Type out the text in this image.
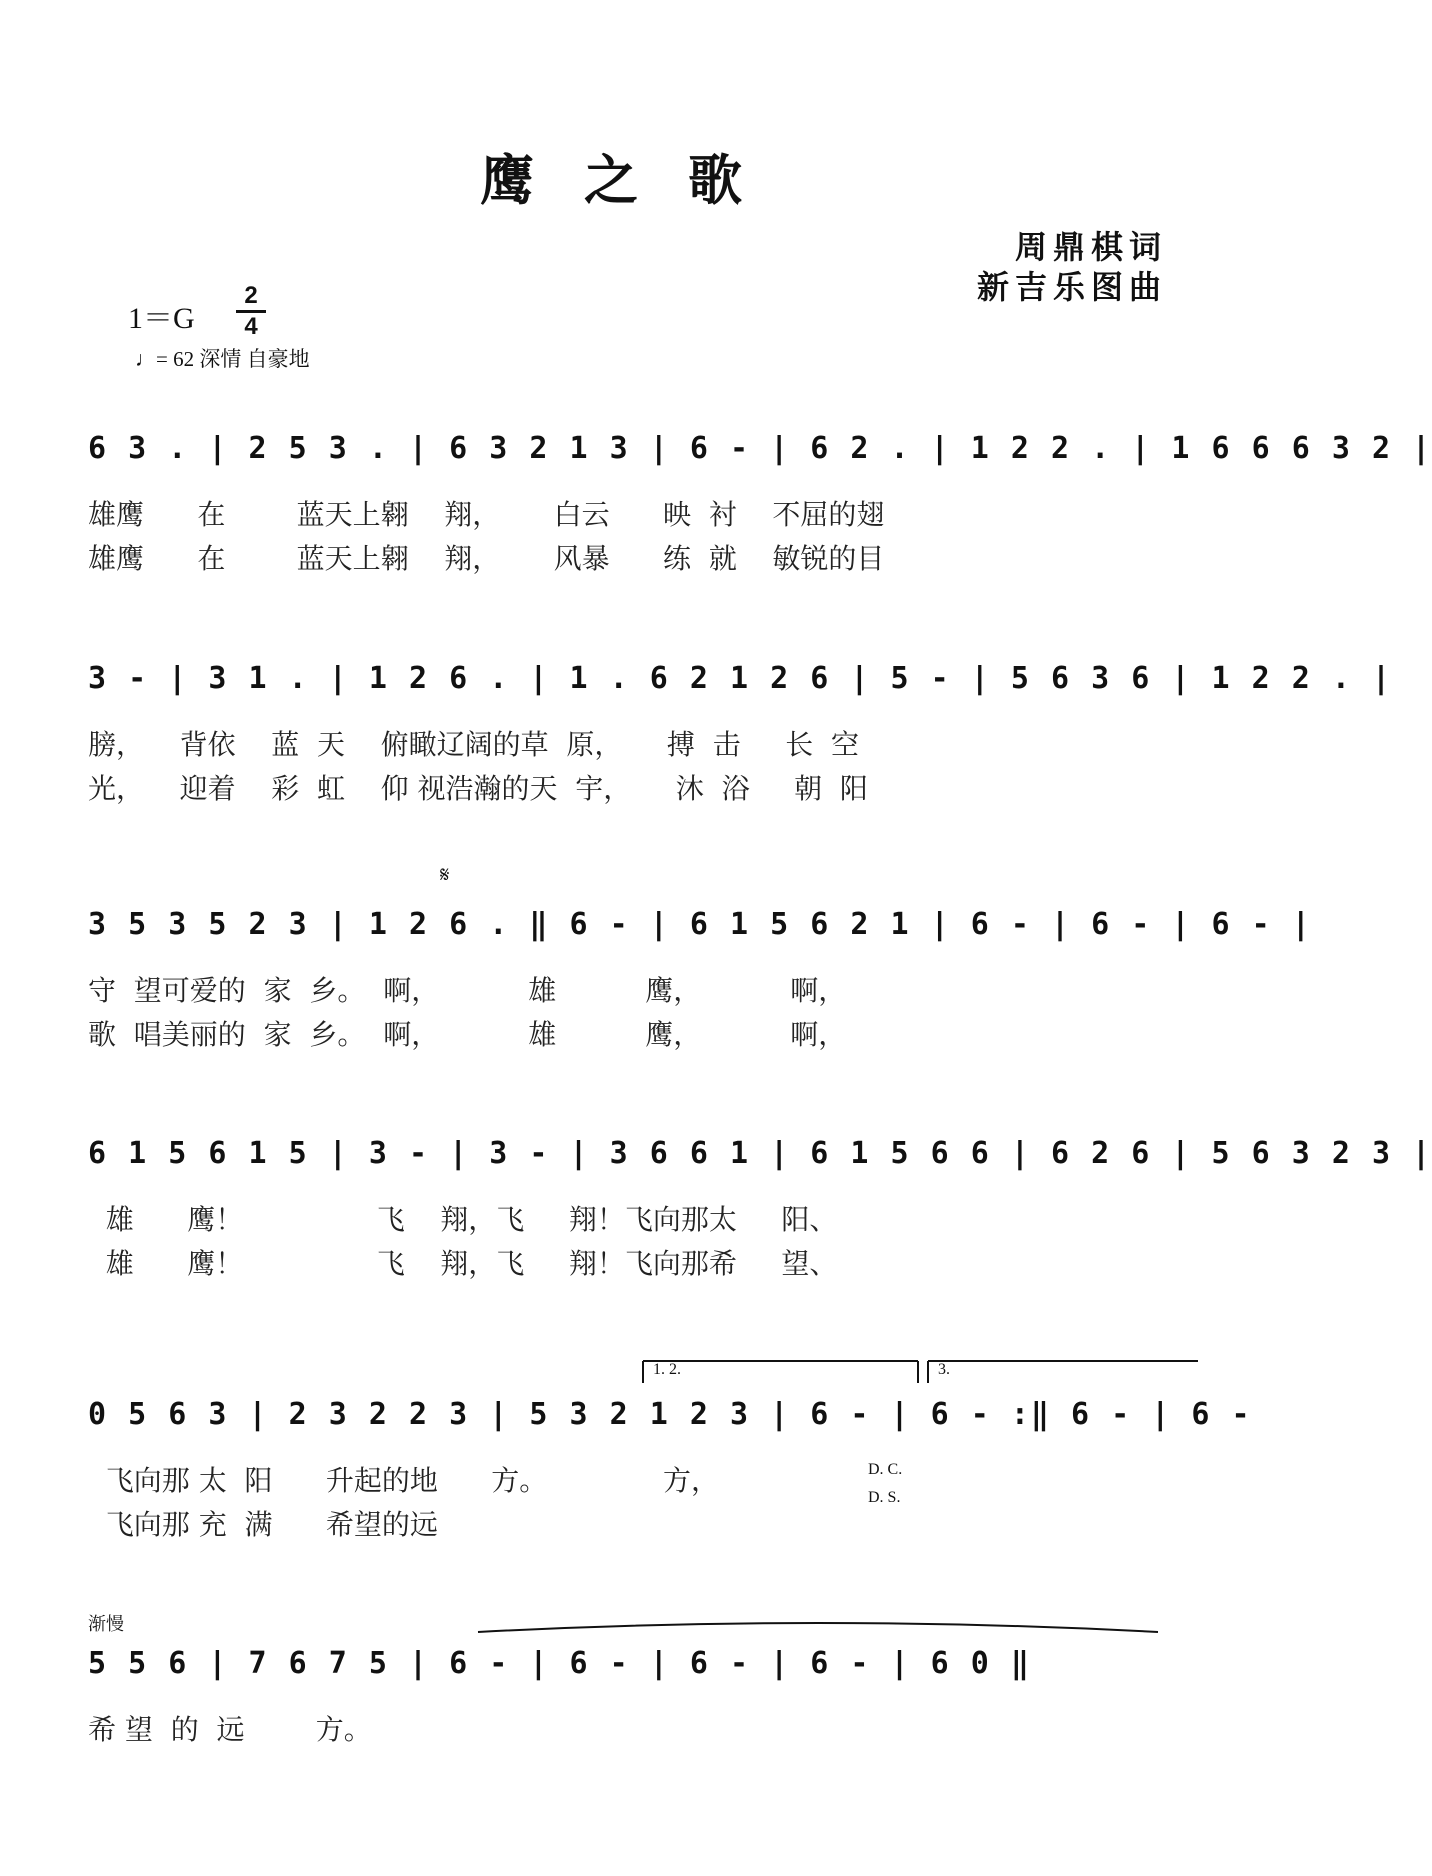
鹰之歌
周鼎棋词
新吉乐图曲
1＝G
2
4
♩= 62 深情 自豪地
6 3 . | 2 5 3 . | 6 3 2 1 3 | 6 - | 6 2 . | 1 2 2 . | 1 6 6 6 3 2 |
雄鹰      在        蓝天上翱    翔，      白云      映  衬    不屈的翅
雄鹰      在        蓝天上翱    翔，      风暴      练  就    敏锐的目
3 - | 3 1 . | 1 2 6 . | 1 . 6 2 1 2 6 | 5 - | 5 6 3 6 | 1 2 2 . |
膀，    背依    蓝  天    俯瞰辽阔的草  原，     搏  击     长  空
光，    迎着    彩  虹    仰 视浩瀚的天  宇，     沐  浴     朝  阳
𝄋
3 5 3 5 2 3 | 1 2 6 . ‖ 6 - | 6 1 5 6 2 1 | 6 - | 6 - | 6 - |
守  望可爱的  家  乡。  啊，          雄          鹰，          啊，
歌  唱美丽的  家  乡。  啊，          雄          鹰，          啊，
6 1 5 6 1 5 | 3 - | 3 - | 3 6 6 1 | 6 1 5 6 6 | 6 2 6 | 5 6 3 2 3 |
雄      鹰！               飞    翔，飞     翔！飞向那太     阳、
雄      鹰！               飞    翔，飞     翔！飞向那希     望、
1. 2.	3.
0 5 6 3 | 2 3 2 2 3 | 5 3 2 1 2 3 | 6 - | 6 - :‖ 6 - | 6 -
飞向那 太  阳      升起的地      方。             方，
飞向那 充  满      希望的远
D. C.
D. S.
渐慢
5 5 6 | 7 6 7 5 | 6 - | 6 - | 6 - | 6 - | 6 0 ‖
希 望  的  远        方。
